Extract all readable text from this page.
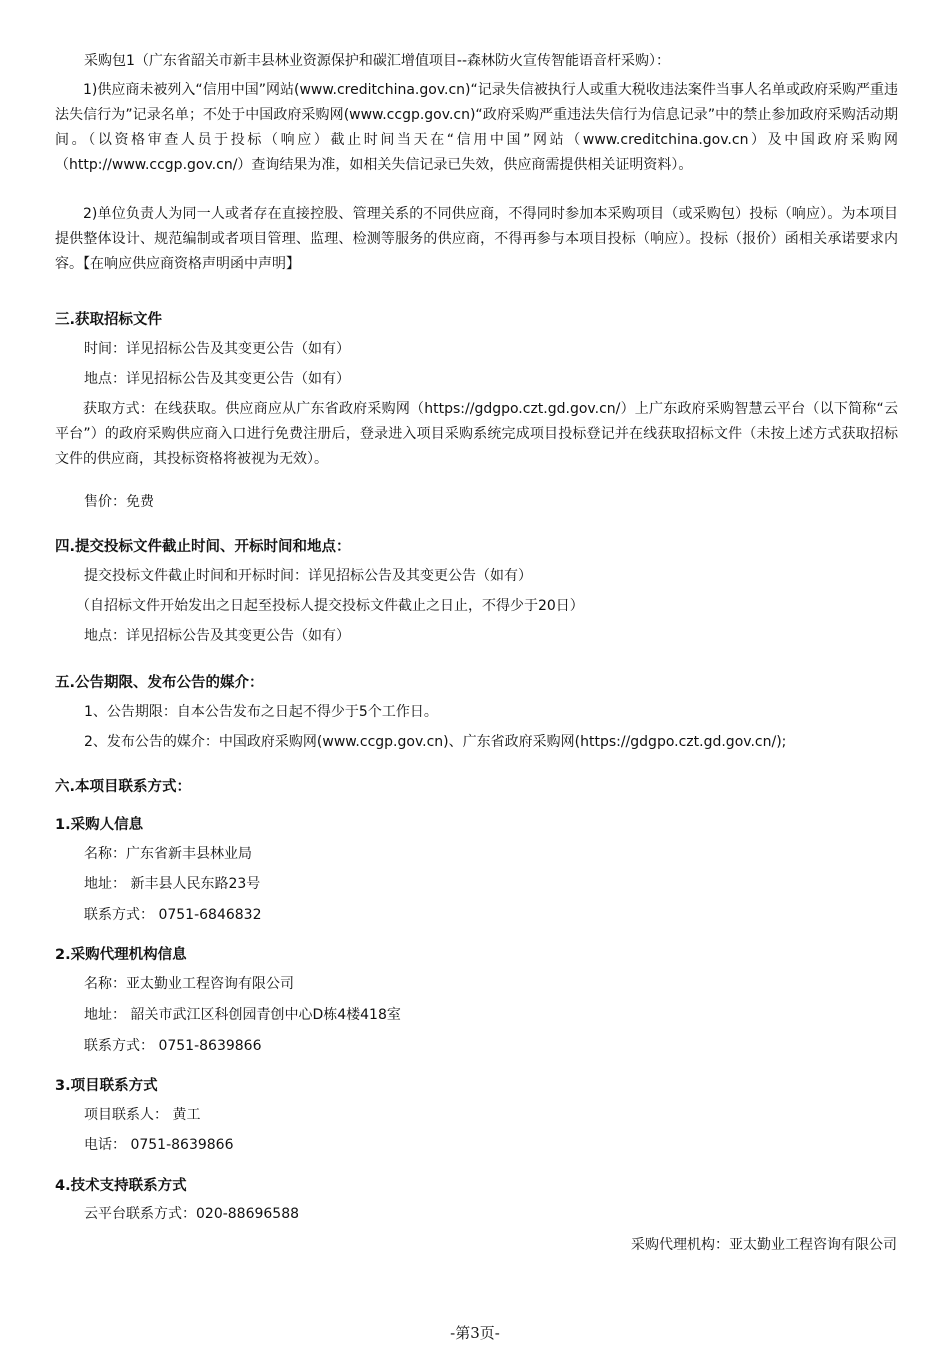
采购包1（广东省韶关市新丰县林业资源保护和碳汇增值项目--森林防火宣传智能语音杆采购）：

1)供应商未被列入“信用中国”网站(www.creditchina.gov.cn)“记录失信被执行人或重大税收违法案件当事人名单或政府采购严重违法失信行为”记录名单；不处于中国政府采购网(www.ccgp.gov.cn)“政府采购严重违法失信行为信息记录”中的禁止参加政府采购活动期间。（以资格审查人员于投标（响应）截止时间当天在“信用中国”网站（www.creditchina.gov.cn）及中国政府采购网（http://www.ccgp.gov.cn/）查询结果为准，如相关失信记录已失效，供应商需提供相关证明资料）。

2)单位负责人为同一人或者存在直接控股、管理关系的不同供应商，不得同时参加本采购项目（或采购包）投标（响应）。为本项目提供整体设计、规范编制或者项目管理、监理、检测等服务的供应商，不得再参与本项目投标（响应）。投标（报价）函相关承诺要求内容。【在响应供应商资格声明函中声明】

三.获取招标文件

时间：详见招标公告及其变更公告（如有）

地点：详见招标公告及其变更公告（如有）

获取方式：在线获取。供应商应从广东省政府采购网（https://gdgpo.czt.gd.gov.cn/）上广东政府采购智慧云平台（以下简称“云平台”）的政府采购供应商入口进行免费注册后，登录进入项目采购系统完成项目投标登记并在线获取招标文件（未按上述方式获取招标文件的供应商，其投标资格将被视为无效）。

售价：免费

四.提交投标文件截止时间、开标时间和地点：

提交投标文件截止时间和开标时间：详见招标公告及其变更公告（如有）

（自招标文件开始发出之日起至投标人提交投标文件截止之日止，不得少于20日）

地点：详见招标公告及其变更公告（如有）

五.公告期限、发布公告的媒介：

1、公告期限：自本公告发布之日起不得少于5个工作日。

2、发布公告的媒介：中国政府采购网(www.ccgp.gov.cn)、广东省政府采购网(https://gdgpo.czt.gd.gov.cn/);

六.本项目联系方式：

1.采购人信息

名称：广东省新丰县林业局

地址： 新丰县人民东路23号

联系方式： 0751-6846832

2.采购代理机构信息

名称：亚太勤业工程咨询有限公司

地址： 韶关市武江区科创园青创中心D栋4楼418室

联系方式： 0751-8639866

3.项目联系方式

项目联系人： 黄工

电话： 0751-8639866

4.技术支持联系方式

云平台联系方式：020-88696588

采购代理机构：亚太勤业工程咨询有限公司

-第3页-
